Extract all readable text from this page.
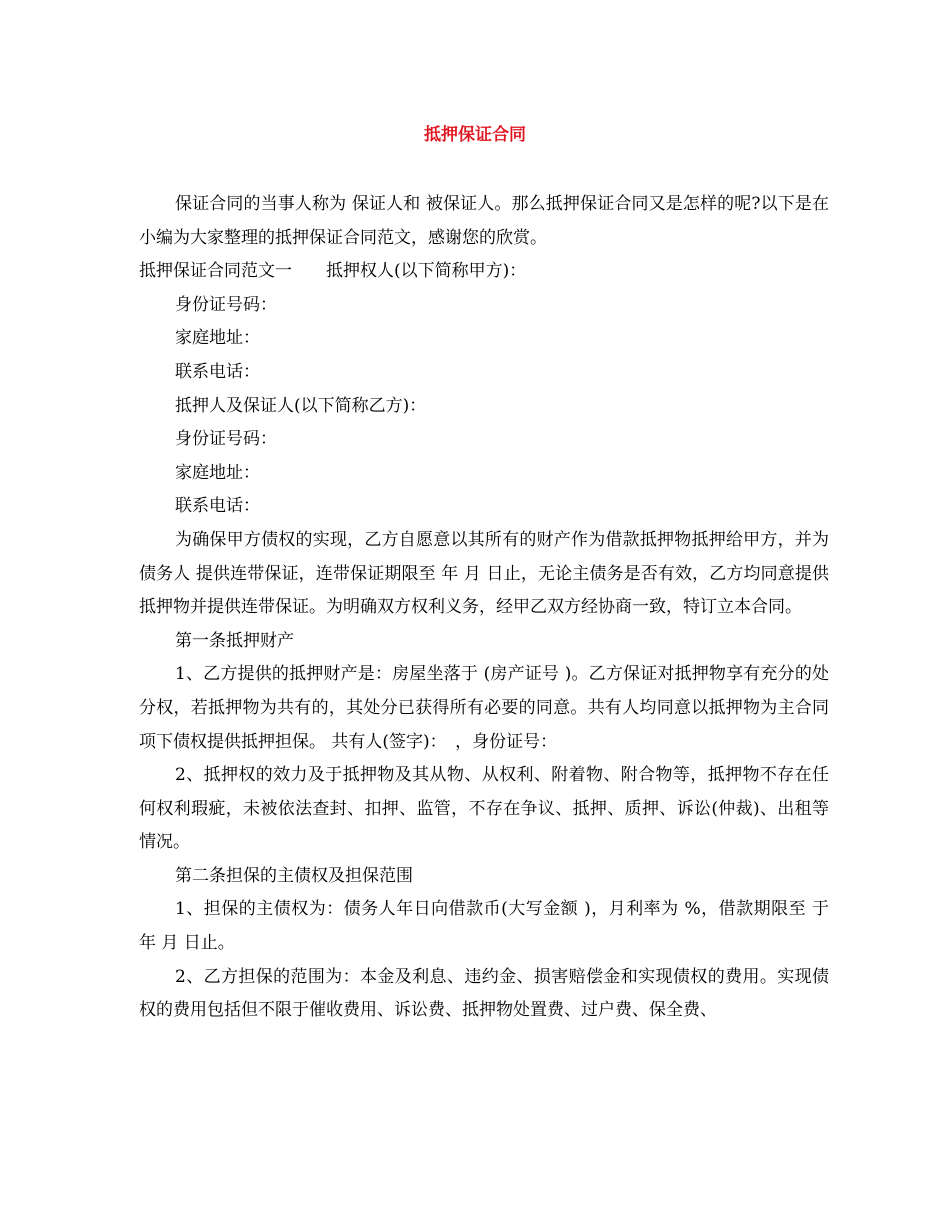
抵押保证合同

保证合同的当事人称为 保证人和 被保证人。那么抵押保证合同又是怎样的呢?以下是在小编为大家整理的抵押保证合同范文，感谢您的欣赏。

抵押保证合同范文一　　抵押权人(以下简称甲方)：

身份证号码：

家庭地址：

联系电话：

抵押人及保证人(以下简称乙方)：

身份证号码：

家庭地址：

联系电话：

为确保甲方债权的实现，乙方自愿意以其所有的财产作为借款抵押物抵押给甲方，并为债务人 提供连带保证，连带保证期限至 年 月 日止，无论主债务是否有效，乙方均同意提供抵押物并提供连带保证。为明确双方权利义务，经甲乙双方经协商一致，特订立本合同。

第一条抵押财产

1、乙方提供的抵押财产是：房屋坐落于 (房产证号 )。乙方保证对抵押物享有充分的处分权，若抵押物为共有的，其处分已获得所有必要的同意。共有人均同意以抵押物为主合同项下债权提供抵押担保。 共有人(签字)：　，身份证号：

2、抵押权的效力及于抵押物及其从物、从权利、附着物、附合物等，抵押物不存在任何权利瑕疵，未被依法查封、扣押、监管，不存在争议、抵押、质押、诉讼(仲裁)、出租等情况。

第二条担保的主债权及担保范围

1、担保的主债权为：债务人年日向借款币(大写金额 )，月利率为 %，借款期限至 于 年 月 日止。

2、乙方担保的范围为：本金及利息、违约金、损害赔偿金和实现债权的费用。实现债权的费用包括但不限于催收费用、诉讼费、抵押物处置费、过户费、保全费、
